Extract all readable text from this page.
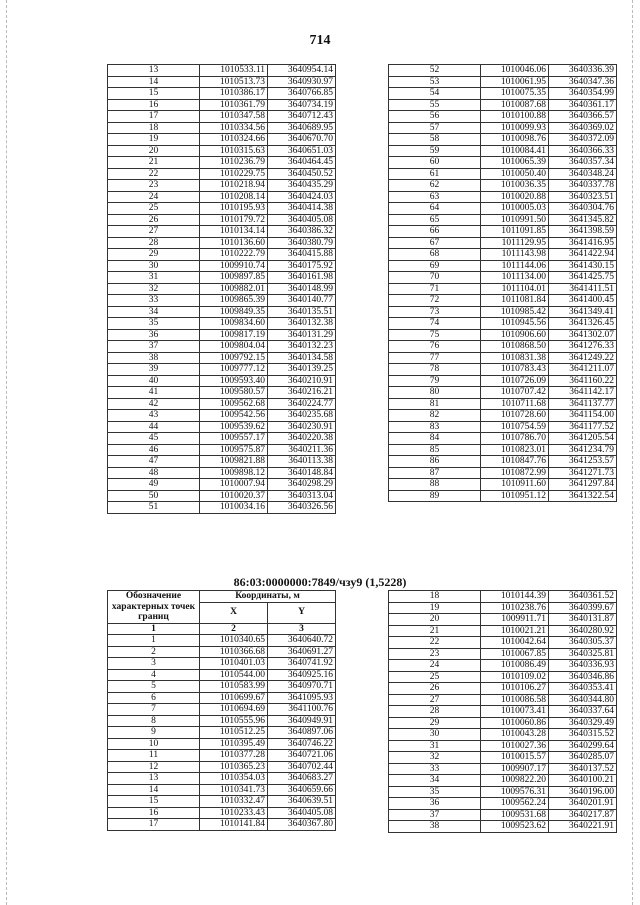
714
13	1010533.11	3640954.14
14	1010513.73	3640930.97
15	1010386.17	3640766.85
16	1010361.79	3640734.19
17	1010347.58	3640712.43
18	1010334.56	3640689.95
19	1010324.66	3640670.70
20	1010315.63	3640651.03
21	1010236.79	3640464.45
22	1010229.75	3640450.52
23	1010218.94	3640435.29
24	1010208.14	3640424.03
25	1010195.93	3640414.38
26	1010179.72	3640405.08
27	1010134.14	3640386.32
28	1010136.60	3640380.79
29	1010222.79	3640415.88
30	1009910.74	3640175.92
31	1009897.85	3640161.98
32	1009882.01	3640148.99
33	1009865.39	3640140.77
34	1009849.35	3640135.51
35	1009834.60	3640132.38
36	1009817.19	3640131.29
37	1009804.04	3640132.23
38	1009792.15	3640134.58
39	1009777.12	3640139.25
40	1009593.40	3640210.91
41	1009580.57	3640216.21
42	1009562.68	3640224.77
43	1009542.56	3640235.68
44	1009539.62	3640230.91
45	1009557.17	3640220.38
46	1009575.87	3640211.36
47	1009821.88	3640113.38
48	1009898.12	3640148.84
49	1010007.94	3640298.29
50	1010020.37	3640313.04
51	1010034.16	3640326.56
52	1010046.06	3640336.39
53	1010061.95	3640347.36
54	1010075.35	3640354.99
55	1010087.68	3640361.17
56	1010100.88	3640366.57
57	1010099.93	3640369.02
58	1010098.76	3640372.09
59	1010084.41	3640366.33
60	1010065.39	3640357.34
61	1010050.40	3640348.24
62	1010036.35	3640337.78
63	1010020.88	3640323.51
64	1010005.03	3640304.76
65	1010991.50	3641345.82
66	1011091.85	3641398.59
67	1011129.95	3641416.95
68	1011143.98	3641422.94
69	1011144.06	3641430.15
70	1011134.00	3641425.75
71	1011104.01	3641411.51
72	1011081.84	3641400.45
73	1010985.42	3641349.41
74	1010945.56	3641326.45
75	1010906.60	3641302.07
76	1010868.50	3641276.33
77	1010831.38	3641249.22
78	1010783.43	3641211.07
79	1010726.09	3641160.22
80	1010707.42	3641142.17
81	1010711.68	3641137.77
82	1010728.60	3641154.00
83	1010754.59	3641177.52
84	1010786.70	3641205.54
85	1010823.01	3641234.79
86	1010847.76	3641253.57
87	1010872.99	3641271.73
88	1010911.60	3641297.84
89	1010951.12	3641322.54
86:03:0000000:7849/чзу9 (1,5228)
Обозначение характерных точек границ	Координаты, м	
	X	Y
1	2	3
1	1010340.65	3640640.72
2	1010366.68	3640691.27
3	1010401.03	3640741.92
4	1010544.00	3640925.16
5	1010583.99	3640970.71
6	1010699.67	3641095.93
7	1010694.69	3641100.76
8	1010555.96	3640949.91
9	1010512.25	3640897.06
10	1010395.49	3640746.22
11	1010377.28	3640721.06
12	1010365.23	3640702.44
13	1010354.03	3640683.27
14	1010341.73	3640659.66
15	1010332.47	3640639.51
16	1010233.43	3640405.08
17	1010141.84	3640367.80
18	1010144.39	3640361.52
19	1010238.76	3640399.67
20	1009911.71	3640131.87
21	1010021.21	3640280.92
22	1010042.64	3640305.37
23	1010067.85	3640325.81
24	1010086.49	3640336.93
25	1010109.02	3640346.86
26	1010106.27	3640353.41
27	1010086.58	3640344.80
28	1010073.41	3640337.64
29	1010060.86	3640329.49
30	1010043.28	3640315.52
31	1010027.36	3640299.64
32	1010015.57	3640285.07
33	1009907.17	3640137.52
34	1009822.20	3640100.21
35	1009576.31	3640196.00
36	1009562.24	3640201.91
37	1009531.68	3640217.87
38	1009523.62	3640221.91
